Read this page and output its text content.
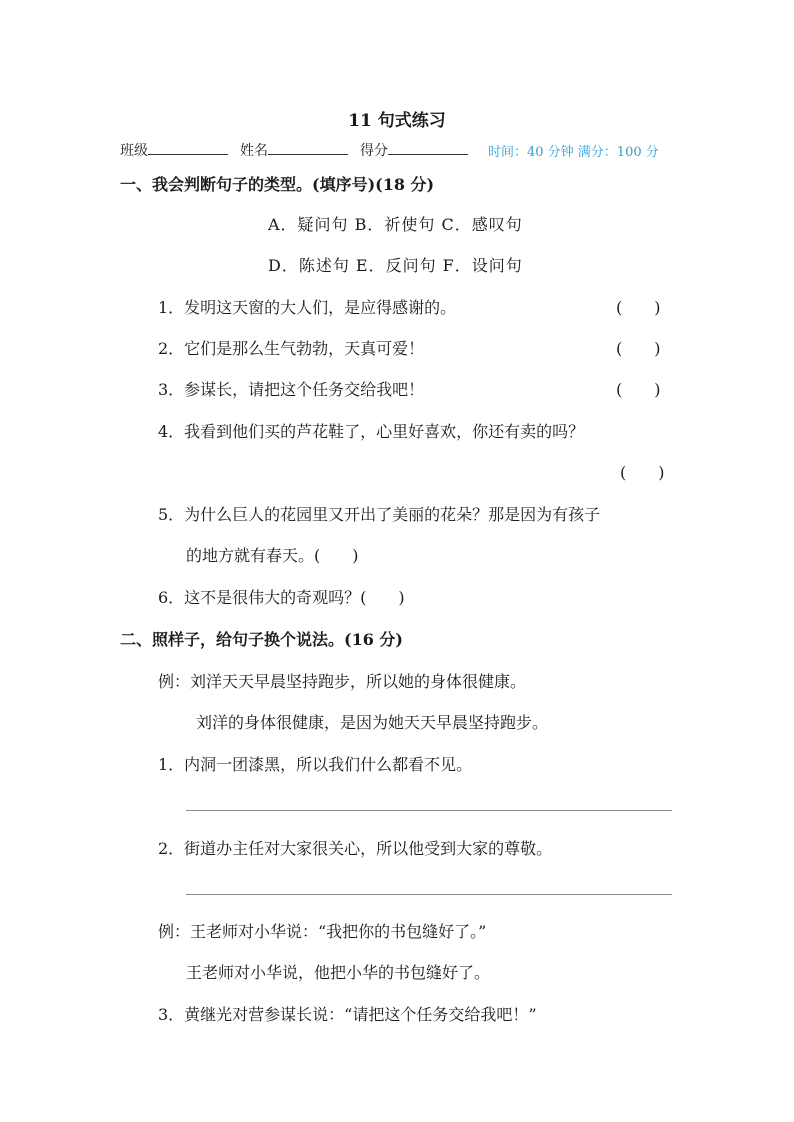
11 句式练习
班级	姓名	得分	时间：40 分钟 满分：100 分
一、我会判断句子的类型。(填序号)(18 分)
A．疑问句 B．祈使句 C．感叹句
D．陈述句 E．反问句 F．设问句
1．发明这天窗的大人们，是应得感谢的。	(　　)
2．它们是那么生气勃勃，天真可爱！	(　　)
3．参谋长，请把这个任务交给我吧！	(　　)
4．我看到他们买的芦花鞋了，心里好喜欢，你还有卖的吗？
(　　)
5．为什么巨人的花园里又开出了美丽的花朵？那是因为有孩子
的地方就有春天。(　　)
6．这不是很伟大的奇观吗？(　　)
二、照样子，给句子换个说法。(16 分)
例：刘洋天天早晨坚持跑步，所以她的身体很健康。
刘洋的身体很健康，是因为她天天早晨坚持跑步。
1．内洞一团漆黑，所以我们什么都看不见。
2．街道办主任对大家很关心，所以他受到大家的尊敬。
例：王老师对小华说：“我把你的书包缝好了。”
王老师对小华说，他把小华的书包缝好了。
3．黄继光对营参谋长说：“请把这个任务交给我吧！”
